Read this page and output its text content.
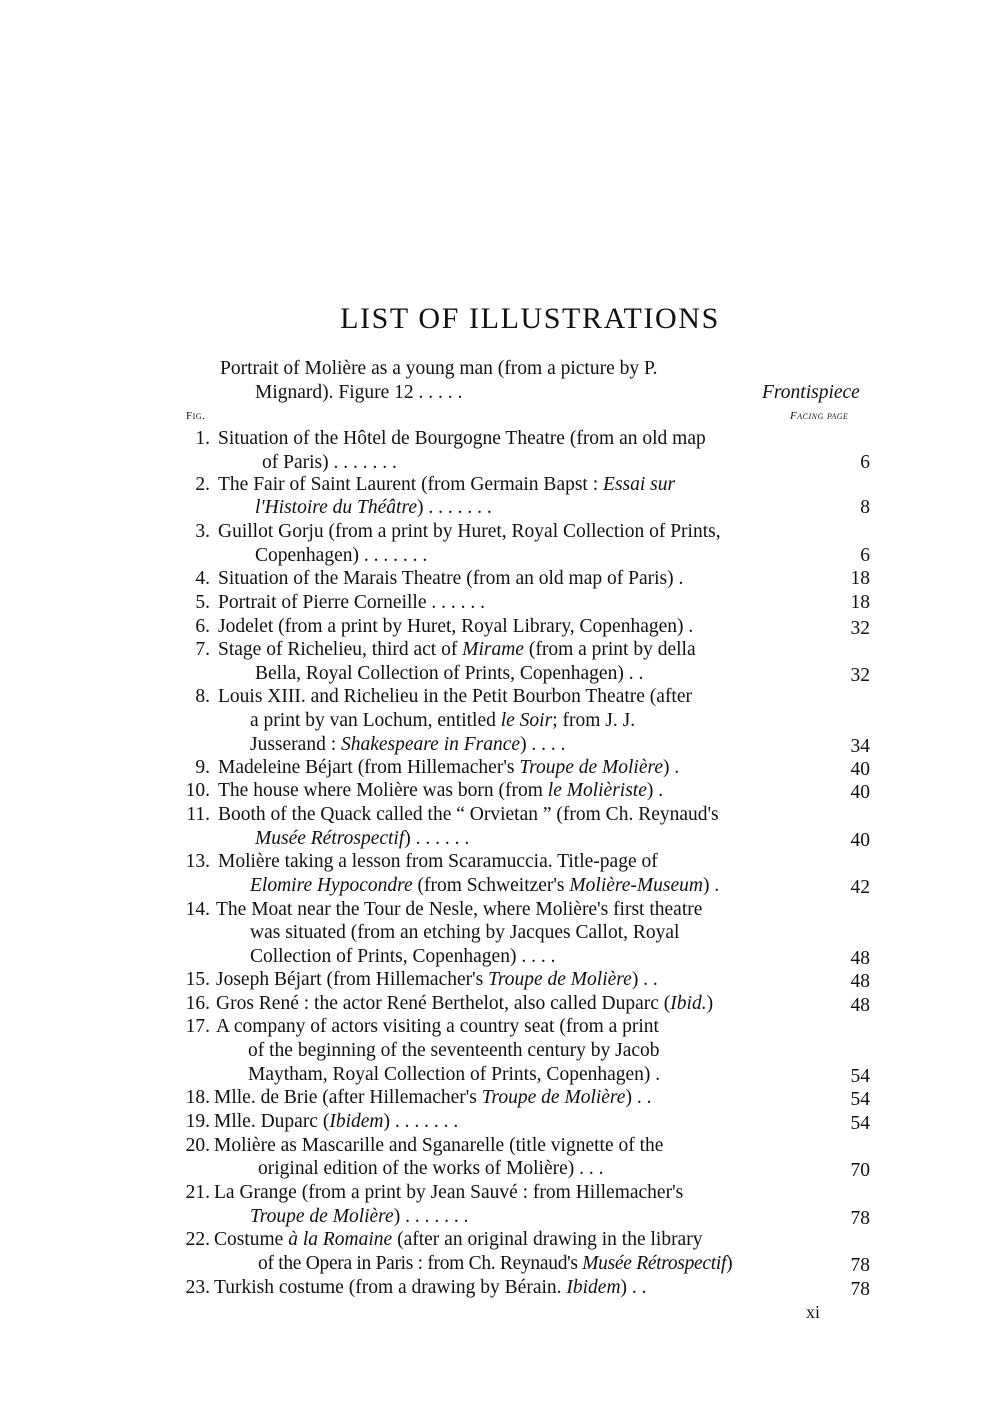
LIST OF ILLUSTRATIONS
Portrait of Molière as a young man (from a picture by P.
Mignard). Figure 12 . . . . .	Frontispiece
Fig.	Facing page
1. Situation of the Hôtel de Bourgogne Theatre (from an old map
of Paris) . . . . . . .	6
2. The Fair of Saint Laurent (from Germain Bapst : Essai sur
l'Histoire du Théâtre) . . . . . . .	8
3. Guillot Gorju (from a print by Huret, Royal Collection of Prints,
Copenhagen) . . . . . . .	6
4. Situation of the Marais Theatre (from an old map of Paris) .	18
5. Portrait of Pierre Corneille . . . . . .	18
6. Jodelet (from a print by Huret, Royal Library, Copenhagen) .	32
7. Stage of Richelieu, third act of Mirame (from a print by della
Bella, Royal Collection of Prints, Copenhagen) . .	32
8. Louis XIII. and Richelieu in the Petit Bourbon Theatre (after
a print by van Lochum, entitled le Soir; from J. J.
Jusserand : Shakespeare in France) . . . .	34
9. Madeleine Béjart (from Hillemacher's Troupe de Molière) .	40
10. The house where Molière was born (from le Molièriste) .	40
11. Booth of the Quack called the “ Orvietan ” (from Ch. Reynaud's
Musée Rétrospectif) . . . . . .	40
13. Molière taking a lesson from Scaramuccia. Title-page of
Elomire Hypocondre (from Schweitzer's Molière-Museum) .	42
14. The Moat near the Tour de Nesle, where Molière's first theatre
was situated (from an etching by Jacques Callot, Royal
Collection of Prints, Copenhagen) . . . .	48
15. Joseph Béjart (from Hillemacher's Troupe de Molière) . .	48
16. Gros René : the actor René Berthelot, also called Duparc (Ibid.)	48
17. A company of actors visiting a country seat (from a print
of the beginning of the seventeenth century by Jacob
Maytham, Royal Collection of Prints, Copenhagen) .	54
18. Mlle. de Brie (after Hillemacher's Troupe de Molière) . .	54
19. Mlle. Duparc (Ibidem) . . . . . . .	54
20. Molière as Mascarille and Sganarelle (title vignette of the
original edition of the works of Molière) . . .	70
21. La Grange (from a print by Jean Sauvé : from Hillemacher's
Troupe de Molière) . . . . . . .	78
22. Costume à la Romaine (after an original drawing in the library
of the Opera in Paris : from Ch. Reynaud's Musée Rétrospectif)	78
23. Turkish costume (from a drawing by Bérain. Ibidem) . .	78
xi
